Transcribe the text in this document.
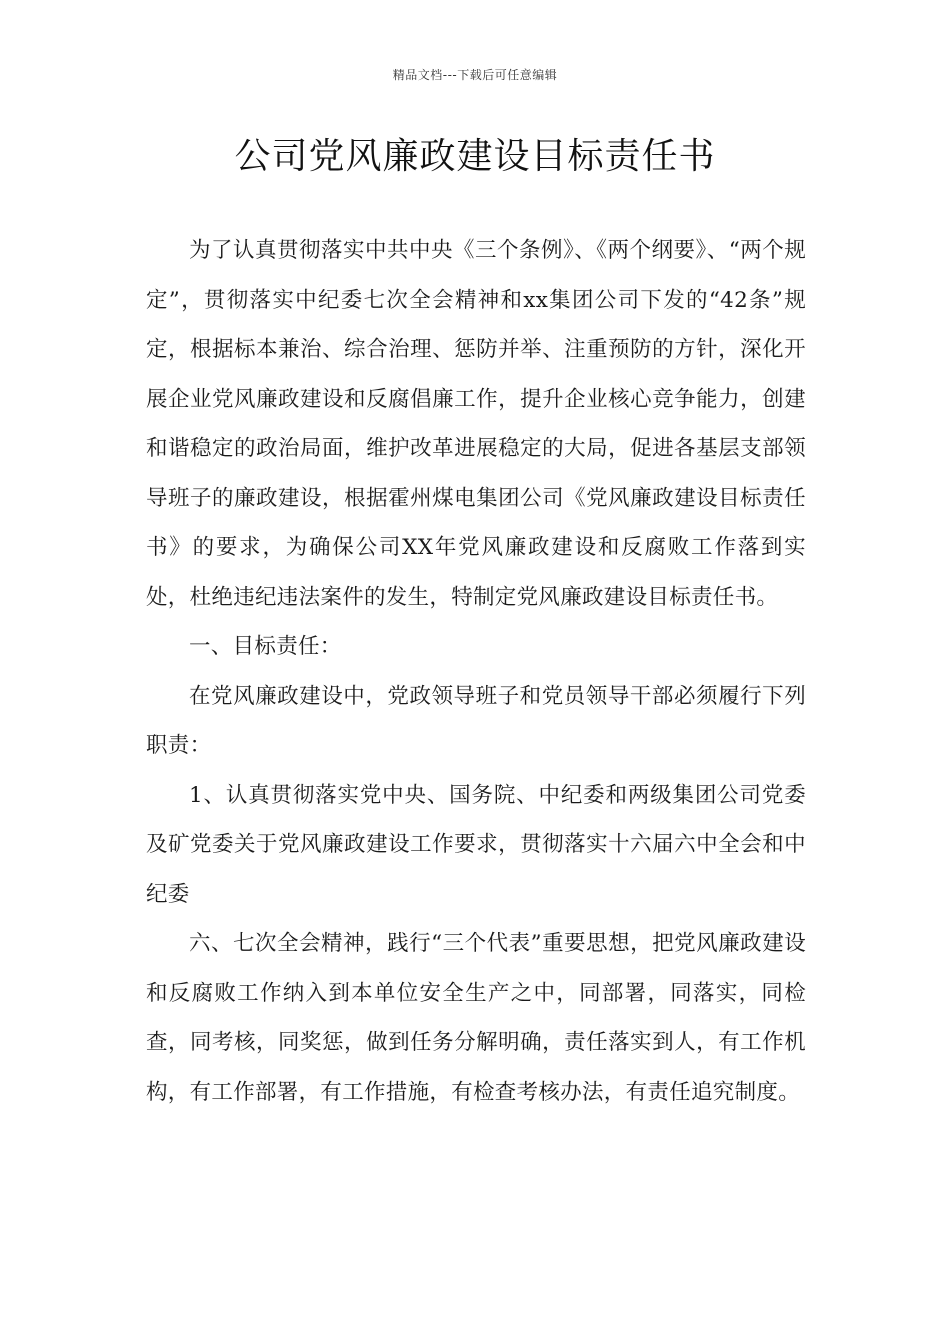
精品文档---下载后可任意编辑
公司党风廉政建设目标责任书

为了认真贯彻落实中共中央《三个条例》、《两个纲要》、“两个规定”，贯彻落实中纪委七次全会精神和xx集团公司下发的“42条”规定，根据标本兼治、综合治理、惩防并举、注重预防的方针，深化开展企业党风廉政建设和反腐倡廉工作，提升企业核心竞争能力，创建和谐稳定的政治局面，维护改革进展稳定的大局，促进各基层支部领导班子的廉政建设，根据霍州煤电集团公司《党风廉政建设目标责任书》的要求，为确保公司XX年党风廉政建设和反腐败工作落到实处，杜绝违纪违法案件的发生，特制定党风廉政建设目标责任书。

一、目标责任：

在党风廉政建设中，党政领导班子和党员领导干部必须履行下列职责：

1、认真贯彻落实党中央、国务院、中纪委和两级集团公司党委及矿党委关于党风廉政建设工作要求，贯彻落实十六届六中全会和中纪委

六、七次全会精神，践行“三个代表”重要思想，把党风廉政建设和反腐败工作纳入到本单位安全生产之中，同部署，同落实，同检查，同考核，同奖惩，做到任务分解明确，责任落实到人，有工作机构，有工作部署，有工作措施，有检查考核办法，有责任追究制度。
